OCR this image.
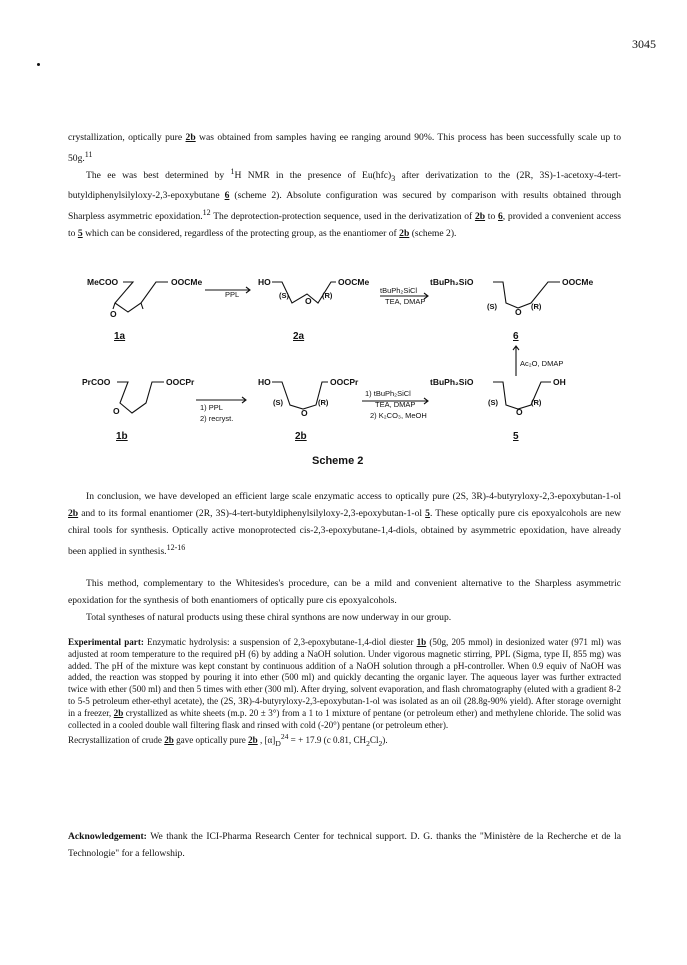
3045

crystallization, optically pure 2b was obtained from samples having ee ranging around 90%. This process has been successfully scale up to 50g.$^{11}$

The ee was best determined by $^1$H NMR in the presence of $Eu(hfc)_3$ after derivatization to the (2R, 3S)-1-acetoxy-4-tert-butyldiphenylsilyloxy-2,3-epoxybutane 6 (scheme 2). Absolute configuration was secured by comparison with results obtained through Sharpless asymmetric epoxidation.$^{12}$ The deprotection-protection sequence, used in the derivatization of 2b to 6, provided a convenient access to 5 which can be considered, regardless of the protecting group, as the enantiomer of 2b (scheme 2).

MeCOO	OOCMe
O
1a
PPL
HO	OOCMe
(S)	(R)
O
2a
tBuPh₂SiCl
TEA, DMAP
tBuPh₂SiO	OOCMe
(S)	(R)
O
6
Ac₂O, DMAP
PrCOO	OOCPr
O
1b
1) PPL
2) recryst.
HO	OOCPr
(S)	(R)
O
2b
1) tBuPh₂SiCl
TEA, DMAP
2) K₂CO₃, MeOH
tBuPh₂SiO	OH
(S)	(R)
O
5
Scheme 2

In conclusion, we have developed an efficient large scale enzymatic access to optically pure (2S, 3R)-4-butyryloxy-2,3-epoxybutan-1-ol 2b and to its formal enantiomer (2R, 3S)-4-tert-butyldiphenylsilyloxy-2,3-epoxybutan-1-ol 5. These optically pure cis epoxyalcohols are new chiral tools for synthesis. Optically active monoprotected cis-2,3-epoxybutane-1,4-diols, obtained by asymmetric epoxidation, have already been applied in synthesis.$^{12-16}$

This method, complementary to the Whitesides's procedure, can be a mild and convenient alternative to the Sharpless asymmetric epoxidation for the synthesis of both enantiomers of optically pure cis epoxyalcohols.
Total syntheses of natural products using these chiral synthons are now underway in our group.

Experimental part: Enzymatic hydrolysis: a suspension of 2,3-epoxybutane-1,4-diol diester 1b (50g, 205 mmol) in desionized water (971 ml) was adjusted at room temperature to the required pH (6) by adding a NaOH solution. Under vigorous magnetic stirring, PPL (Sigma, type II, 855 mg) was added. The pH of the mixture was kept constant by continuous addition of a NaOH solution through a pH-controller. When 0.9 equiv of NaOH was added, the reaction was stopped by pouring it into ether (500 ml) and quickly decanting the organic layer. The aqueous layer was further extracted twice with ether (500 ml) and then 5 times with ether (300 ml). After drying, solvent evaporation, and flash chromatography (eluted with a gradient 8-2 to 5-5 petroleum ether-ethyl acetate), the (2S, 3R)-4-butyryloxy-2,3-epoxybutan-1-ol was isolated as an oil (28.8g-90% yield). After storage overnight in a freezer, 2b crystallized as white sheets (m.p. 20 ± 3°) from a 1 to 1 mixture of pentane (or petroleum ether) and methylene chloride. The solid was collected in a cooled double wall filtering flask and rinsed with cold (-20°) pentane (or petroleum ether).

Recrystallization of crude 2b gave optically pure 2b , $[\alpha]_D^{24}$ = + 17.9 (c 0.81, $CH_2Cl_2$).

Acknowledgement: We thank the ICI-Pharma Research Center for technical support. D. G. thanks the "Ministère de la Recherche et de la Technologie" for a fellowship.
